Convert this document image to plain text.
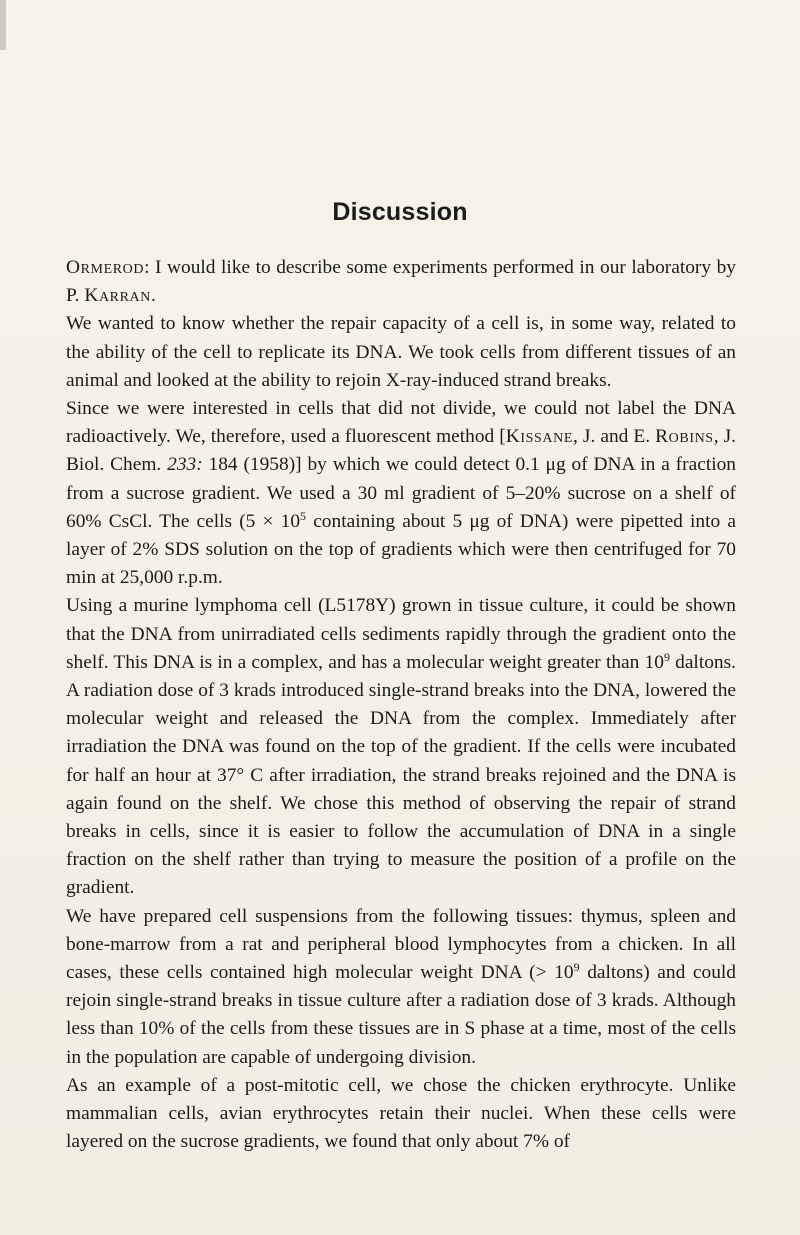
Discussion

Ormerod: I would like to describe some experiments performed in our laboratory by P. Karran.

We wanted to know whether the repair capacity of a cell is, in some way, related to the ability of the cell to replicate its DNA. We took cells from different tissues of an animal and looked at the ability to rejoin X-ray-induced strand breaks.

Since we were interested in cells that did not divide, we could not label the DNA radioactively. We, therefore, used a fluorescent method [Kissane, J. and E. Robins, J. Biol. Chem. 233: 184 (1958)] by which we could detect 0.1 μg of DNA in a fraction from a sucrose gradient. We used a 30 ml gradient of 5–20% sucrose on a shelf of 60% CsCl. The cells ($5 \times 10^5$ containing about 5 μg of DNA) were pipetted into a layer of 2% SDS solution on the top of gradients which were then centrifuged for 70 min at 25,000 r.p.m.

Using a murine lymphoma cell (L5178Y) grown in tissue culture, it could be shown that the DNA from unirradiated cells sediments rapidly through the gradient onto the shelf. This DNA is in a complex, and has a molecular weight greater than $10^9$ daltons. A radiation dose of 3 krads introduced single-strand breaks into the DNA, lowered the molecular weight and released the DNA from the complex. Immediately after irradiation the DNA was found on the top of the gradient. If the cells were incubated for half an hour at 37° C after irradiation, the strand breaks rejoined and the DNA is again found on the shelf. We chose this method of observing the repair of strand breaks in cells, since it is easier to follow the accumulation of DNA in a single fraction on the shelf rather than trying to measure the position of a profile on the gradient.

We have prepared cell suspensions from the following tissues: thymus, spleen and bone-marrow from a rat and peripheral blood lymphocytes from a chicken. In all cases, these cells contained high molecular weight DNA (> $10^9$ daltons) and could rejoin single-strand breaks in tissue culture after a radiation dose of 3 krads. Although less than 10% of the cells from these tissues are in S phase at a time, most of the cells in the population are capable of undergoing division.

As an example of a post-mitotic cell, we chose the chicken erythrocyte. Unlike mammalian cells, avian erythrocytes retain their nuclei. When these cells were layered on the sucrose gradients, we found that only about 7% of
